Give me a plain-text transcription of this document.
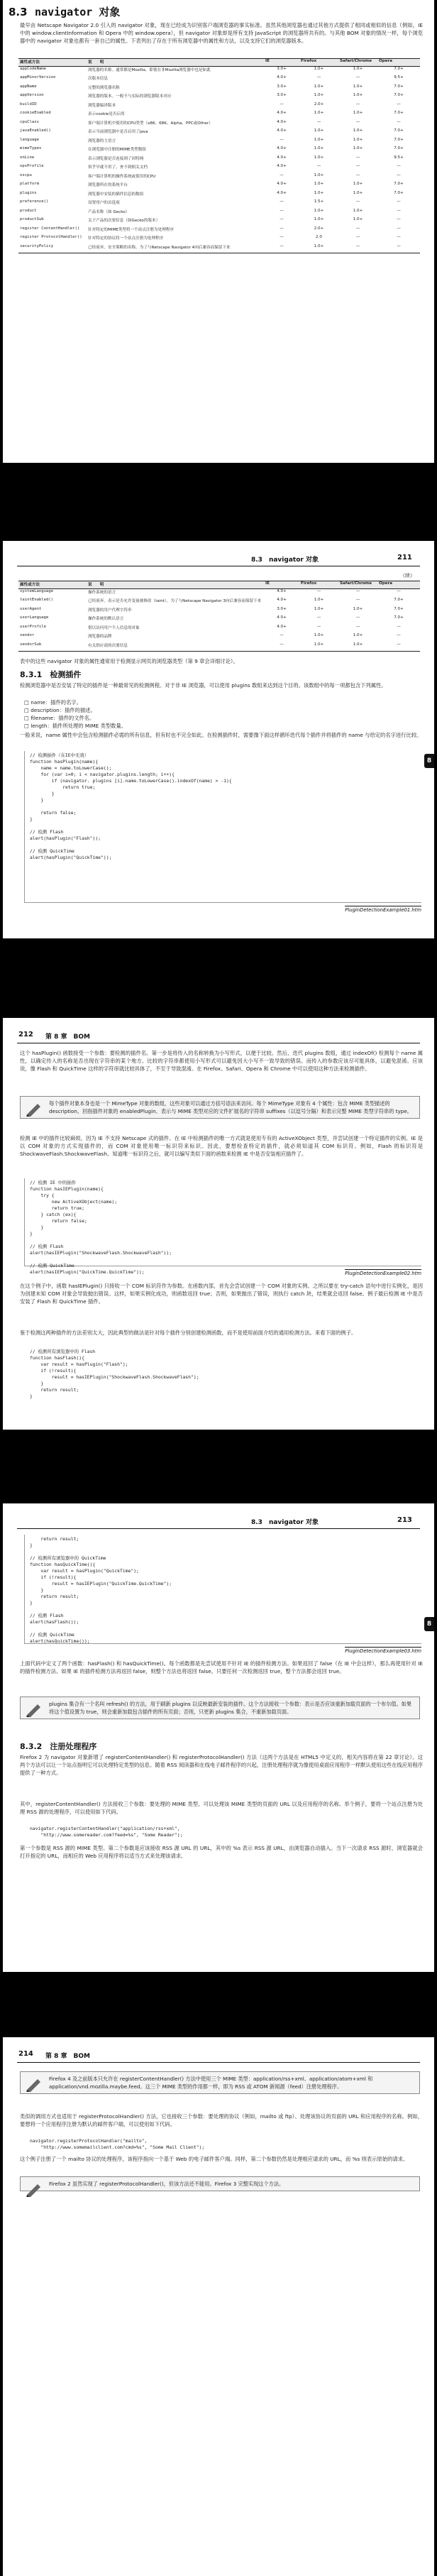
8.3 navigator 对象
最早由 Netscape Navigator 2.0 引入的 navigator 对象，现在已经成为识别客户端浏览器的事实标准。虽然其他浏览器也通过其他方式提供了相同或相似的信息（例如，IE 中的 window.clientInformation 和 Opera 中的 window.opera），但 navigator 对象却是所有支持 JavaScript 的浏览器所共有的。与其他 BOM 对象的情况一样，每个浏览器中的 navigator 对象也都有一套自己的属性。下表列出了存在于所有浏览器中的属性和方法，以及支持它们的浏览器版本。
属性或方法	说　　明	IE	Firefox	Safari/Chrome	Opera
appCodeName	浏览器的名称。通常都是Mozilla，即使在非Mozilla浏览器中也是如此	3.0+	1.0+	1.0+	7.0+
appMinorVersion	次版本信息	4.0+	—	—	9.5+
appName	完整的浏览器名称	3.0+	1.0+	1.0+	7.0+
appVersion	浏览器的版本。一般不与实际的浏览器版本对应	3.0+	1.0+	1.0+	7.0+
buildID	浏览器编译版本	—	2.0+	—	—
cookieEnabled	表示cookie是否启用	4.0+	1.0+	1.0+	7.0+
cpuClass	客户端计算机中使用的CPU类型（x86、68K、Alpha、PPC或Other）	4.0+	—	—	—
javaEnabled()	表示当前浏览器中是否启用了Java	4.0+	1.0+	1.0+	7.0+
language	浏览器的主语言	—	1.0+	1.0+	7.0+
mimeTypes	在浏览器中注册的MIME类型数组	4.0+	1.0+	1.0+	7.0+
onLine	表示浏览器是否连接到了因特网	4.0+	1.0+	—	9.5+
opsProfile	似乎早就不用了。查不到相关文档	4.0+	—	—	—
oscpu	客户端计算机的操作系统或使用的CPU	—	1.0+	—	—
platform	浏览器所在的系统平台	4.0+	1.0+	1.0+	7.0+
plugins	浏览器中安装的插件信息的数组	4.0+	1.0+	1.0+	7.0+
preference()	设置用户的首选项	—	1.5+	—	—
product	产品名称（如 Gecko）	—	1.0+	1.0+	—
productSub	关于产品的次要信息（如Gecko的版本）	—	1.0+	1.0+	—
register ContentHandler()	针对特定的MIME类型将一个站点注册为处理程序	—	2.0+	—	—
register ProtocolHandler()	针对特定的协议将一个站点注册为处理程序	—	2.0	—	—
securityPolicy	已经废弃。安全策略的名称。为了与Netscape Navigator 4向后兼容而保留下来	—	1.0+	—	—
8.3　navigator 对象	211
（续）
属性或方法	说　　明	IE	Firefox	Safari/Chrome	Opera
systemLanguage	操作系统的语言	4.0+	—	—	—
taintEnabled()	已经废弃。表示是否允许变量被修改（taint）。为了与Netscape Navigator 3向后兼容而保留下来	4.0+	1.0+	—	7.0+
userAgent	浏览器的用户代理字符串	3.0+	1.0+	1.0+	7.0+
userLanguage	操作系统的默认语言	4.0+	—	—	7.0+
userProfile	借以访问用户个人信息的对象	4.0+	—	—	—
vendor	浏览器的品牌	—	1.0+	1.0+	—
vendorSub	有关供应商的次要信息	—	1.0+	1.0+	—
表中的这些 navigator 对象的属性通常用于检测显示网页的浏览器类型（第 9 章会详细讨论）。
8.3.1　检测插件
检测浏览器中是否安装了特定的插件是一种最常见的检测例程。对于非 IE 浏览器，可以使用 plugins 数组来达到这个目的。该数组中的每一项都包含下列属性。
□ name：插件的名字。
□ description：插件的描述。
□ filename：插件的文件名。
□ length：插件所处理的 MIME 类型数量。
一般来说，name 属性中会包含检测插件必需的所有信息，但有时也不完全如此。在检测插件时，需要像下面这样循环迭代每个插件并将插件的 name 与给定的名字进行比较。
// 检测插件（在IE中无效）
function hasPlugin(name){
name = name.toLowerCase();
for (var i=0; i < navigator.plugins.length; i++){
if (navigator. plugins [i].name.toLowerCase().indexOf(name) > -1){
return true;
}
}

return false;
}

// 检测 Flash
alert(hasPlugin("Flash"));

// 检测 QuickTime
alert(hasPlugin("QuickTime"));
PluginDetectionExample01.htm
8
212 第 8 章　BOM
这个 hasPlugin() 函数接受一个参数：要检测的插件名。第一步是将传入的名称转换为小写形式，以便于比较。然后，迭代 plugins 数组，通过 indexOf() 检测每个 name 属性，以确定传入的名称是否出现在字符串的某个地方。比较的字符串都使用小写形式可以避免因大小写不一致导致的错误。而传入的参数应该尽可能具体，以避免混淆。应该说，像 Flash 和 QuickTime 这样的字符串就比较具体了，不至于导致混淆。在 Firefox、Safari、Opera 和 Chrome 中可以使用这种方法来检测插件。
每个插件对象本身也是一个 MimeType 对象的数组，这些对象可以通过方括号语法来访问。每个 MimeType 对象有 4 个属性：包含 MIME 类型描述的 description、回指插件对象的 enabledPlugin、表示与 MIME 类型对应的文件扩展名的字符串 suffixes（以逗号分隔）和表示完整 MIME 类型字符串的 type。
检测 IE 中的插件比较麻烦，因为 IE 不支持 Netscape 式的插件。在 IE 中检测插件的唯一方式就是使用专有的 ActiveXObject 类型，并尝试创建一个特定插件的实例。IE 是以 COM 对象的方式实现插件的，而 COM 对象使用唯一标识符来标识。因此，要想检查特定的插件，就必须知道其 COM 标识符。例如，Flash 的标识符是 ShockwaveFlash.ShockwaveFlash。知道唯一标识符之后，就可以编写类似下面的函数来检测 IE 中是否安装相应插件了。
// 检测 IE 中的插件
function hasIEPlugin(name){
try {
new ActiveXObject(name);
return true;
} catch (ex){
return false;
}
}

// 检测 Flash
alert(hasIEPlugin("ShockwaveFlash.ShockwaveFlash"));

// 检测 QuickTime
alert(hasIEPlugin("QuickTime.QuickTime"));	PluginDetectionExample02.htm
在这个例子中，函数 hasIEPlugin() 只接收一个 COM 标识符作为参数。在函数内部，首先会尝试创建一个 COM 对象的实例。之所以要在 try-catch 语句中进行实例化，是因为创建未知 COM 对象会导致抛出错误。这样，如果实例化成功，则函数返回 true；否则，如果抛出了错误，则执行 catch 块，结果就会返回 false。例子最后检测 IE 中是否安装了 Flash 和 QuickTime 插件。
鉴于检测这两种插件的方法差别太大，因此典型的做法是针对每个插件分别创建检测函数，而不是使用前面介绍的通用检测方法。来看下面的例子。
// 检测所有浏览器中的 Flash
function hasFlash(){
var result = hasPlugin("Flash");
if (!result){
result = hasIEPlugin("ShockwaveFlash.ShockwaveFlash");
}
return result;
}
8.3　navigator 对象	213
return result;
}

// 检测所有浏览器中的 QuickTime
function hasQuickTime(){
var result = hasPlugin("QuickTime");
if (!result){
result = hasIEPlugin("QuickTime.QuickTime");
}
return result;
}

// 检测 Flash
alert(hasFlash());

// 检测 QuickTime
alert(hasQuickTime());
PluginDetectionExample03.htm
上面代码中定义了两个函数：hasFlash() 和 hasQuickTime()。每个函数都是先尝试使用不针对 IE 的插件检测方法。如果返回了 false（在 IE 中会这样），那么再使用针对 IE 的插件检测方法。如果 IE 的插件检测方法再返回 false，则整个方法也将返回 false。只要任何一次检测返回 true，整个方法都会返回 true。
plugins 集合有一个名叫 refresh() 的方法，用于刷新 plugins 以反映最新安装的插件。这个方法接收一个参数：表示是否应该重新加载页面的一个布尔值。如果将这个值设置为 true，则会重新加载包含插件的所有页面；否则，只更新 plugins 集合，不重新加载页面。
8.3.2　注册处理程序
Firefox 2 为 navigator 对象新增了 registerContentHandler() 和 registerProtocolHandler() 方法（这两个方法是在 HTML5 中定义的，相关内容将在第 22 章讨论）。这两个方法可以让一个站点指明它可以处理特定类型的信息。随着 RSS 阅读器和在线电子邮件程序的兴起，注册处理程序就为像使用桌面应用程序一样默认使用这些在线应用程序提供了一种方式。
其中，registerContentHandler() 方法接收三个参数：要处理的 MIME 类型、可以处理该 MIME 类型的页面的 URL 以及应用程序的名称。举个例子，要将一个站点注册为处理 RSS 源的处理程序，可以使用如下代码。
navigator.registerContentHandler("application/rss+xml",
"http://www.somereader.com?feed=%s", "Some Reader");
第一个参数是 RSS 源的 MIME 类型。第二个参数是应该接收 RSS 源 URL 的 URL，其中的 %s 表示 RSS 源 URL，由浏览器自动插入。当下一次请求 RSS 源时，浏览器就会打开指定的 URL，而相应的 Web 应用程序将以适当方式来处理该请求。
8
214 第 8 章　BOM
Firefox 4 及之前版本只允许在 registerContentHandler() 方法中使用三个 MIME 类型：application/rss+xml、application/atom+xml 和 application/vnd.mozilla.maybe.feed。这三个 MIME 类型的作用都一样，即为 RSS 或 ATOM 新闻源（feed）注册处理程序。
类似的调用方式也适用于 registerProtocolHandler() 方法，它也接收三个参数：要处理的协议（例如，mailto 或 ftp）、处理该协议的页面的 URL 和应用程序的名称。例如，要想将一个应用程序注册为默认的邮件客户端，可以使用如下代码。
navigator.registerProtocolHandler("mailto",
"http://www.somemailclient.com?cmd=%s", "Some Mail Client");
这个例子注册了一个 mailto 协议的处理程序，该程序指向一个基于 Web 的电子邮件客户端。同样，第二个参数仍然是处理相应请求的 URL，而 %s 则表示原始的请求。
Firefox 2 虽然实现了 registerProtocolHandler()，但该方法还不能用。Firefox 3 完整实现这个方法。
